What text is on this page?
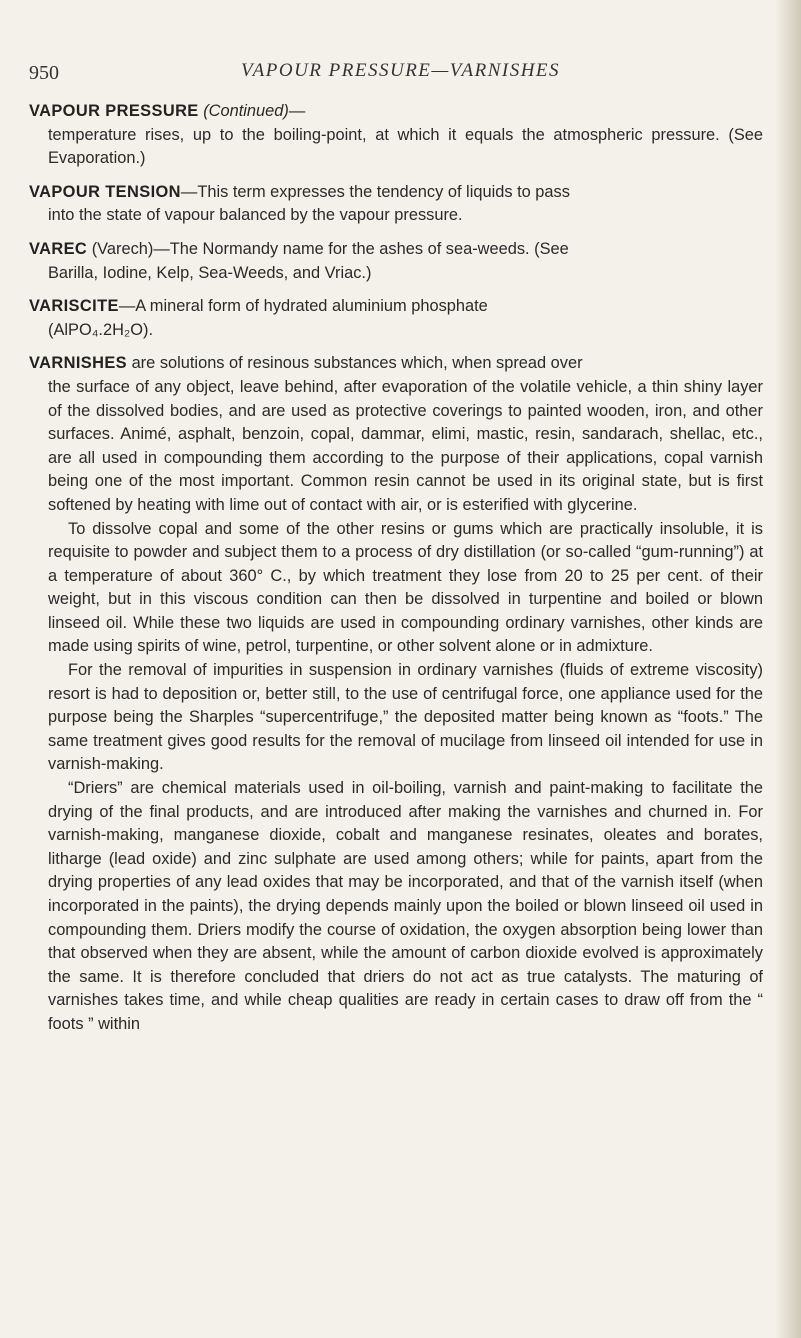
950	VAPOUR PRESSURE—VARNISHES
VAPOUR PRESSURE (Continued)—
temperature rises, up to the boiling-point, at which it equals the atmospheric pressure. (See Evaporation.)
VAPOUR TENSION—This term expresses the tendency of liquids to pass
into the state of vapour balanced by the vapour pressure.
VAREC (Varech)—The Normandy name for the ashes of sea-weeds. (See
Barilla, Iodine, Kelp, Sea-Weeds, and Vriac.)
VARISCITE—A mineral form of hydrated aluminium phosphate
(AlPO₄.2H₂O).
VARNISHES are solutions of resinous substances which, when spread over

the surface of any object, leave behind, after evaporation of the volatile vehicle, a thin shiny layer of the dissolved bodies, and are used as protective coverings to painted wooden, iron, and other surfaces. Animé, asphalt, benzoin, copal, dammar, elimi, mastic, resin, sandarach, shellac, etc., are all used in compounding them according to the purpose of their applications, copal varnish being one of the most important. Common resin cannot be used in its original state, but is first softened by heating with lime out of contact with air, or is esterified with glycerine.

To dissolve copal and some of the other resins or gums which are practically insoluble, it is requisite to powder and subject them to a process of dry distillation (or so-called “gum-running”) at a temperature of about 360° C., by which treatment they lose from 20 to 25 per cent. of their weight, but in this viscous condition can then be dissolved in turpentine and boiled or blown linseed oil. While these two liquids are used in compounding ordinary varnishes, other kinds are made using spirits of wine, petrol, turpentine, or other solvent alone or in admixture.

For the removal of impurities in suspension in ordinary varnishes (fluids of extreme viscosity) resort is had to deposition or, better still, to the use of centrifugal force, one appliance used for the purpose being the Sharples “supercentrifuge,” the deposited matter being known as “foots.” The same treatment gives good results for the removal of mucilage from linseed oil intended for use in varnish-making.

“Driers” are chemical materials used in oil-boiling, varnish and paint-making to facilitate the drying of the final products, and are introduced after making the varnishes and churned in. For varnish-making, manganese dioxide, cobalt and manganese resinates, oleates and borates, litharge (lead oxide) and zinc sulphate are used among others; while for paints, apart from the drying properties of any lead oxides that may be incorporated, and that of the varnish itself (when incorporated in the paints), the drying depends mainly upon the boiled or blown linseed oil used in compounding them. Driers modify the course of oxidation, the oxygen absorption being lower than that observed when they are absent, while the amount of carbon dioxide evolved is approximately the same. It is therefore concluded that driers do not act as true catalysts. The maturing of varnishes takes time, and while cheap qualities are ready in certain cases to draw off from the “ foots ” within
